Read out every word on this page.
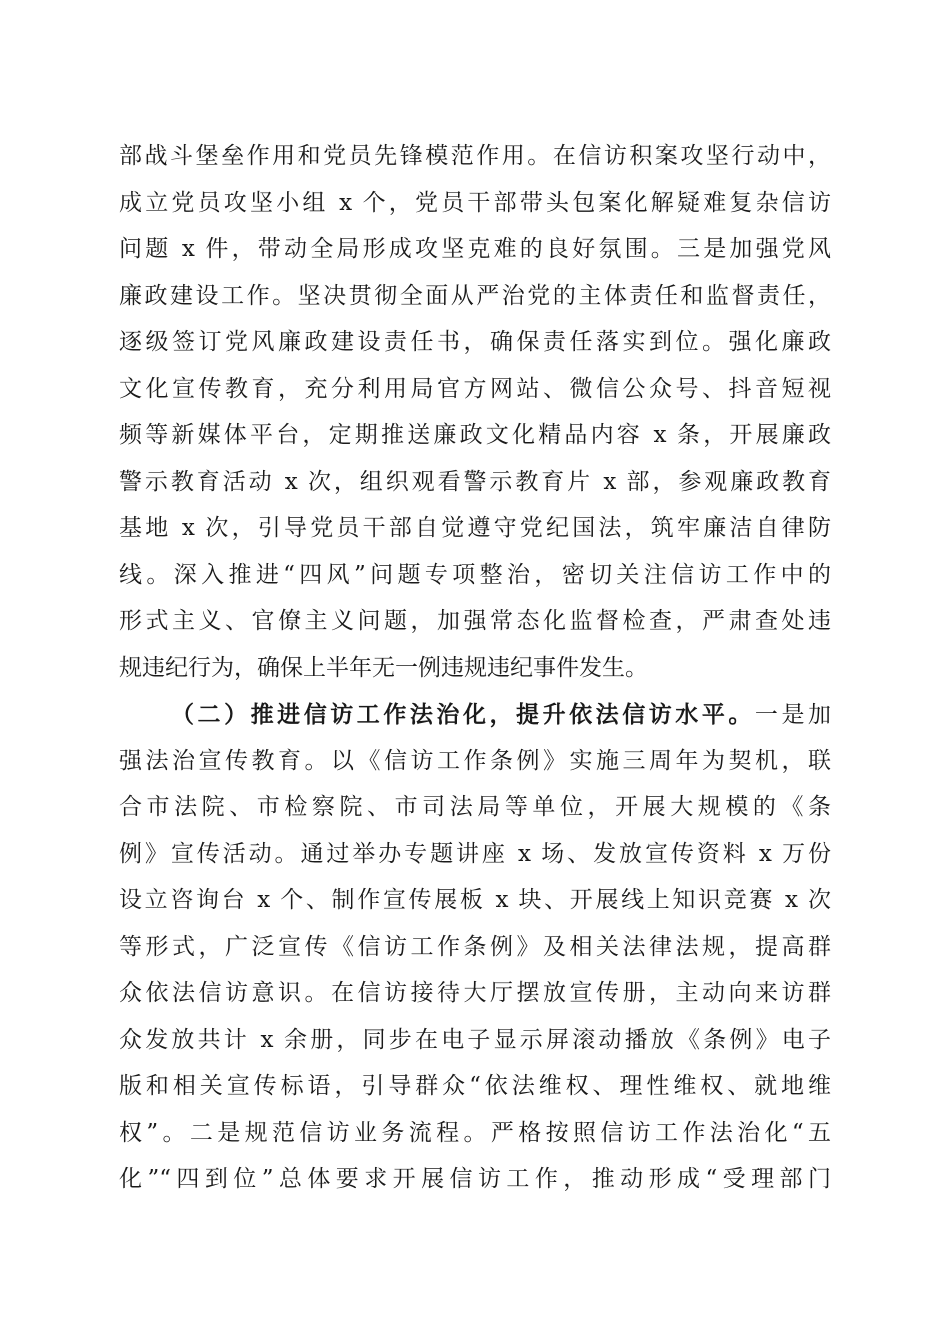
部战斗堡垒作用和党员先锋模范作用。在信访积案攻坚行动中，
成立党员攻坚小组 x 个，党员干部带头包案化解疑难复杂信访
问题 x 件，带动全局形成攻坚克难的良好氛围。三是加强党风
廉政建设工作。坚决贯彻全面从严治党的主体责任和监督责任，
逐级签订党风廉政建设责任书，确保责任落实到位。强化廉政
文化宣传教育，充分利用局官方网站、微信公众号、抖音短视
频等新媒体平台，定期推送廉政文化精品内容 x 条，开展廉政
警示教育活动 x 次，组织观看警示教育片 x 部，参观廉政教育
基地 x 次，引导党员干部自觉遵守党纪国法，筑牢廉洁自律防
线。深入推进“四风”问题专项整治，密切关注信访工作中的
形式主义、官僚主义问题，加强常态化监督检查，严肃查处违
规违纪行为，确保上半年无一例违规违纪事件发生。
（二）推进信访工作法治化，提升依法信访水平。一是加
强法治宣传教育。以《信访工作条例》实施三周年为契机，联
合市法院、市检察院、市司法局等单位，开展大规模的《条
例》宣传活动。通过举办专题讲座 x 场、发放宣传资料 x 万份
设立咨询台 x 个、制作宣传展板 x 块、开展线上知识竞赛 x 次
等形式，广泛宣传《信访工作条例》及相关法律法规，提高群
众依法信访意识。在信访接待大厅摆放宣传册，主动向来访群
众发放共计 x 余册，同步在电子显示屏滚动播放《条例》电子
版和相关宣传标语，引导群众“依法维权、理性维权、就地维
权”。二是规范信访业务流程。严格按照信访工作法治化“五
化”“四到位”总体要求开展信访工作，推动形成“受理部门
